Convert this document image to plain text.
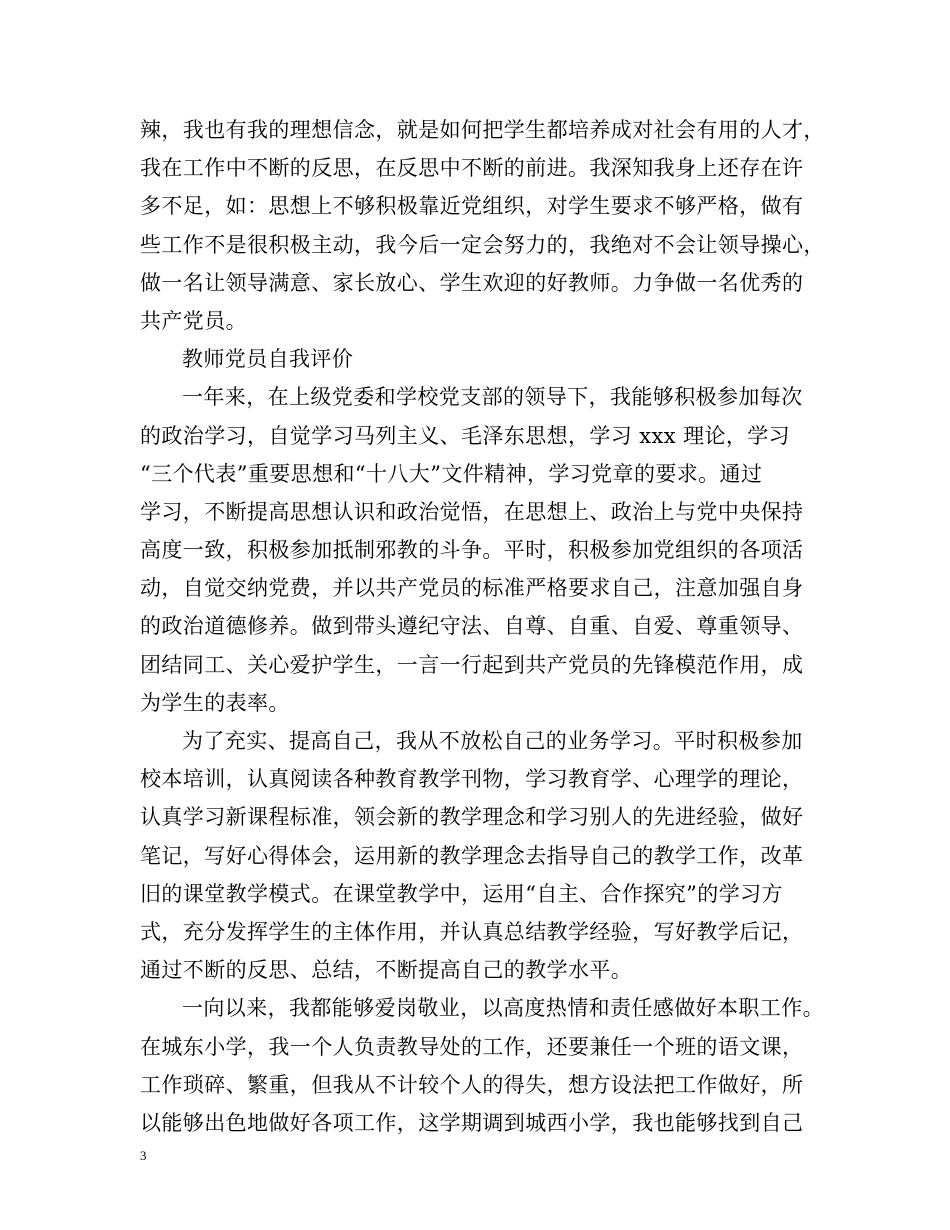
辣，我也有我的理想信念，就是如何把学生都培养成对社会有用的人才，
我在工作中不断的反思，在反思中不断的前进。我深知我身上还存在许
多不足，如：思想上不够积极靠近党组织，对学生要求不够严格，做有
些工作不是很积极主动，我今后一定会努力的，我绝对不会让领导操心，
做一名让领导满意、家长放心、学生欢迎的好教师。力争做一名优秀的
共产党员。
教师党员自我评价
一年来，在上级党委和学校党支部的领导下，我能够积极参加每次
的政治学习，自觉学习马列主义、毛泽东思想，学习 xxx 理论，学习
“三个代表”重要思想和“十八大”文件精神，学习党章的要求。通过
学习，不断提高思想认识和政治觉悟，在思想上、政治上与党中央保持
高度一致，积极参加抵制邪教的斗争。平时，积极参加党组织的各项活
动，自觉交纳党费，并以共产党员的标准严格要求自己，注意加强自身
的政治道德修养。做到带头遵纪守法、自尊、自重、自爱、尊重领导、
团结同工、关心爱护学生，一言一行起到共产党员的先锋模范作用，成
为学生的表率。
为了充实、提高自己，我从不放松自己的业务学习。平时积极参加
校本培训，认真阅读各种教育教学刊物，学习教育学、心理学的理论，
认真学习新课程标准，领会新的教学理念和学习别人的先进经验，做好
笔记，写好心得体会，运用新的教学理念去指导自己的教学工作，改革
旧的课堂教学模式。在课堂教学中，运用“自主、合作探究”的学习方
式，充分发挥学生的主体作用，并认真总结教学经验，写好教学后记，
通过不断的反思、总结，不断提高自己的教学水平。
一向以来，我都能够爱岗敬业，以高度热情和责任感做好本职工作。
在城东小学，我一个人负责教导处的工作，还要兼任一个班的语文课，
工作琐碎、繁重，但我从不计较个人的得失，想方设法把工作做好，所
以能够出色地做好各项工作，这学期调到城西小学，我也能够找到自己
3
